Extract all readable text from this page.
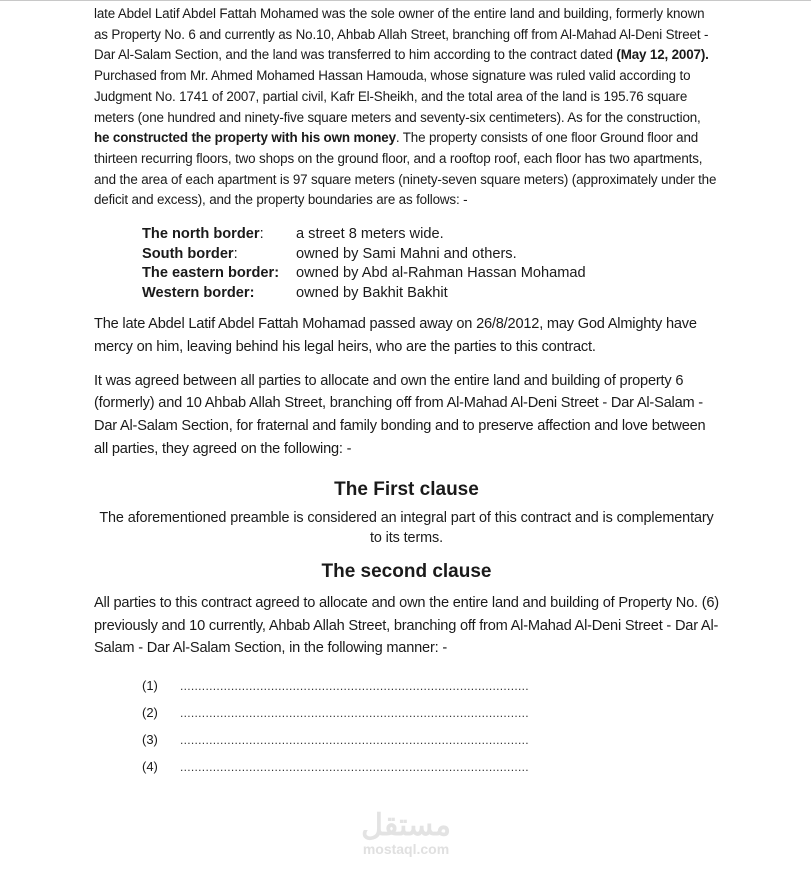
late Abdel Latif Abdel Fattah Mohamed was the sole owner of the entire land and building, formerly known as Property No. 6 and currently as No.10, Ahbab Allah Street, branching off from Al-Mahad Al-Deni Street - Dar Al-Salam Section, and the land was transferred to him according to the contract dated (May 12, 2007). Purchased from Mr. Ahmed Mohamed Hassan Hamouda, whose signature was ruled valid according to Judgment No. 1741 of 2007, partial civil, Kafr El-Sheikh, and the total area of the land is 195.76 square meters (one hundred and ninety-five square meters and seventy-six centimeters). As for the construction, he constructed the property with his own money. The property consists of one floor Ground floor and thirteen recurring floors, two shops on the ground floor, and a rooftop roof, each floor has two apartments, and the area of each apartment is 97 square meters (ninety-seven square meters) (approximately under the deficit and excess), and the property boundaries are as follows: -

The north border:	a street 8 meters wide.
South border:	owned by Sami Mahni and others.
The eastern border:	owned by Abd al-Rahman Hassan Mohamad
Western border:	owned by Bakhit Bakhit

The late Abdel Latif Abdel Fattah Mohamad passed away on 26/8/2012, may God Almighty have mercy on him, leaving behind his legal heirs, who are the parties to this contract.

It was agreed between all parties to allocate and own the entire land and building of property 6 (formerly) and 10 Ahbab Allah Street, branching off from Al-Mahad Al-Deni Street - Dar Al-Salam - Dar Al-Salam Section, for fraternal and family bonding and to preserve affection and love between all parties, they agreed on the following: -

The First clause

The aforementioned preamble is considered an integral part of this contract and is complementary to its terms.

The second clause

All parties to this contract agreed to allocate and own the entire land and building of Property No. (6) previously and 10 currently, Ahbab Allah Street, branching off from Al-Mahad Al-Deni Street - Dar Al-Salam - Dar Al-Salam Section, in the following manner: -

(1)	................................................................................................
(2)	................................................................................................
(3)	................................................................................................
(4)	................................................................................................
مستقل
mostaql.com
